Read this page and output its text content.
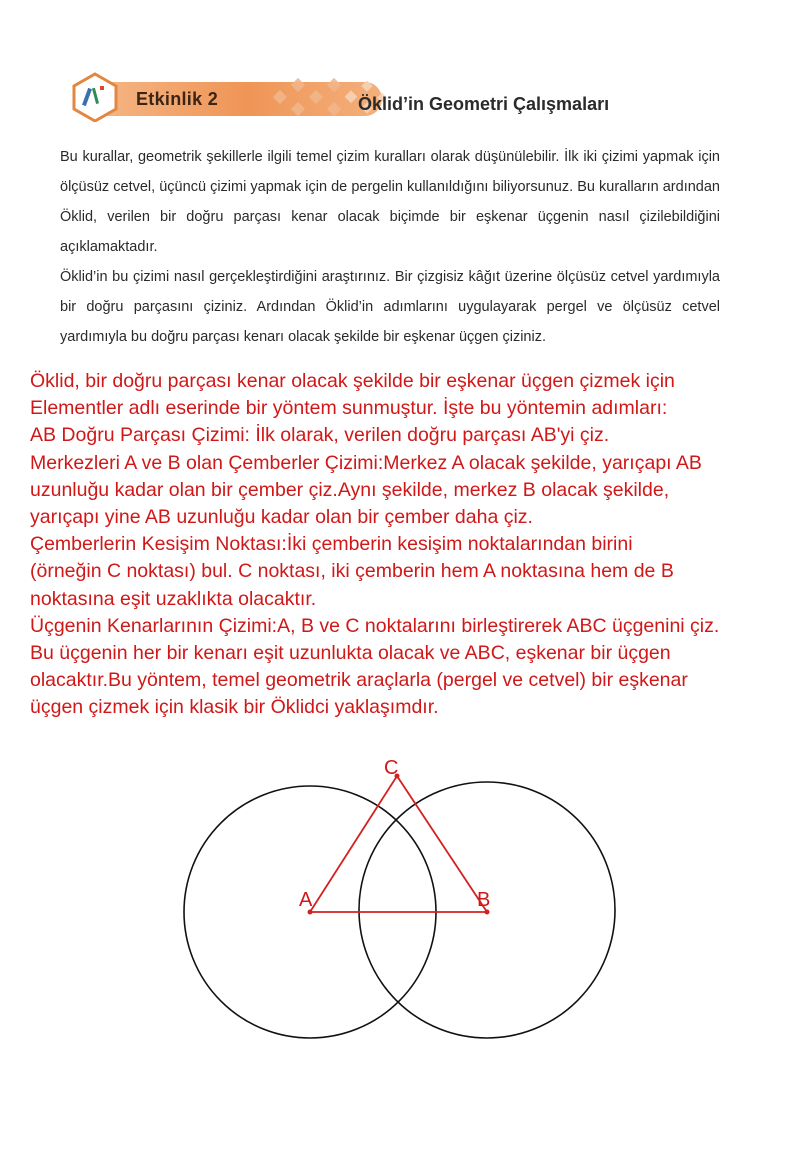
Etkinlik 2	Öklid’in Geometri Çalışmaları

Bu kurallar, geometrik şekillerle ilgili temel çizim kuralları olarak düşünülebilir. İlk iki çizimi yapmak için ölçüsüz cetvel, üçüncü çizimi yapmak için de pergelin kullanıldığını biliyorsunuz. Bu kuralların ardından Öklid, verilen bir doğru parçası kenar olacak biçimde bir eşkenar üçgenin nasıl çizilebildiğini açıklamaktadır.

Öklid’in bu çizimi nasıl gerçekleştirdiğini araştırınız. Bir çizgisiz kâğıt üzerine ölçüsüz cetvel yardımıyla bir doğru parçasını çiziniz. Ardından Öklid’in adımlarını uygulayarak pergel ve ölçüsüz cetvel yardımıyla bu doğru parçası kenarı olacak şekilde bir eşkenar üçgen çiziniz.

Öklid, bir doğru parçası kenar olacak şekilde bir eşkenar üçgen çizmek için

Elementler adlı eserinde bir yöntem sunmuştur. İşte bu yöntemin adımları:

AB Doğru Parçası Çizimi: İlk olarak, verilen doğru parçası AB'yi çiz.

Merkezleri A ve B olan Çemberler Çizimi:Merkez A olacak şekilde, yarıçapı AB

uzunluğu kadar olan bir çember çiz.Aynı şekilde, merkez B olacak şekilde,

yarıçapı yine AB uzunluğu kadar olan bir çember daha çiz.

Çemberlerin Kesişim Noktası:İki çemberin kesişim noktalarından birini

(örneğin C noktası) bul. C noktası, iki çemberin hem A noktasına hem de B

noktasına eşit uzaklıkta olacaktır.

Üçgenin Kenarlarının Çizimi:A, B ve C noktalarını birleştirerek ABC üçgenini çiz.

Bu üçgenin her bir kenarı eşit uzunlukta olacak ve ABC, eşkenar bir üçgen

olacaktır.Bu yöntem, temel geometrik araçlarla (pergel ve cetvel) bir eşkenar

üçgen çizmek için klasik bir Öklidci yaklaşımdır.

A	B
C
